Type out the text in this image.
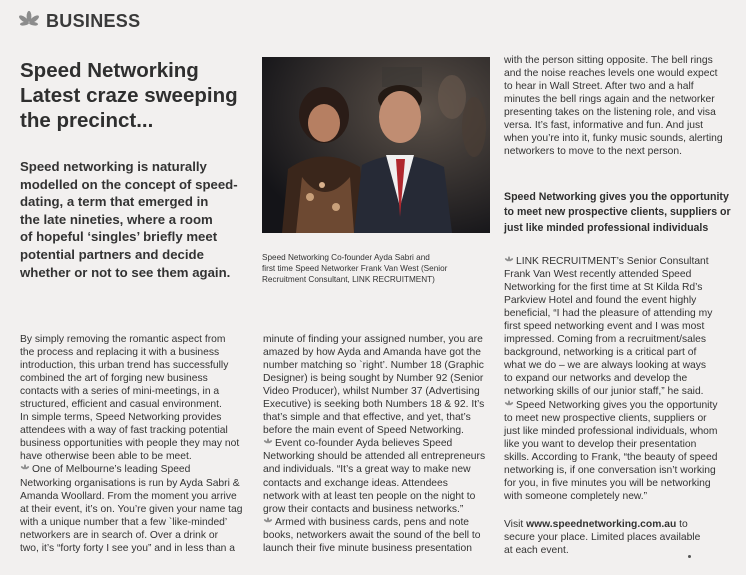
BUSINESS
Speed Networking
Latest craze sweeping
the precinct...
Speed networking is naturally
modelled on the concept of speed-
dating, a term that emerged in
the late nineties, where a room
of hopeful ‘singles’ briefly meet
potential partners and decide
whether or not to see them again.
Speed Networking Co-founder Ayda Sabri and
first time Speed Networker Frank Van West (Senior
Recruitment Consultant, LINK RECRUITMENT)
By simply removing the romantic aspect from
the process and replacing it with a business
introduction, this urban trend has successfully
combined the art of forging new business
contacts with a series of mini-meetings, in a
structured, efficient and casual environment.
In simple terms, Speed Networking provides
attendees with a way of fast tracking potential
business opportunities with people they may not
have otherwise been able to be meet.
One of Melbourne’s leading Speed
Networking organisations is run by Ayda Sabri &
Amanda Woollard. From the moment you arrive
at their event, it’s on. You’re given your name tag
with a unique number that a few `like-minded’
networkers are in search of. Over a drink or
two, it’s “forty forty I see you” and in less than a
minute of finding your assigned number, you are
amazed by how Ayda and Amanda have got the
number matching so `right’. Number 18 (Graphic
Designer) is being sought by Number 92 (Senior
Video Producer), whilst Number 37 (Advertising
Executive) is seeking both Numbers 18 & 92. It’s
that’s simple and that effective, and yet, that’s
before the main event of Speed Networking.
Event co-founder Ayda believes Speed
Networking should be attended all entrepreneurs
and individuals. “It’s a great way to make new
contacts and exchange ideas. Attendees
network with at least ten people on the night to
grow their contacts and business networks.”
Armed with business cards, pens and note
books, networkers await the sound of the bell to
launch their five minute business presentation
with the person sitting opposite. The bell rings
and the noise reaches levels one would expect
to hear in Wall Street. After two and a half
minutes the bell rings again and the networker
presenting takes on the listening role, and visa
versa. It’s fast, informative and fun. And just
when you’re into it, funky music sounds, alerting
networkers to move to the next person.
Speed Networking gives you the opportunity
to meet new prospective clients, suppliers or
just like minded professional individuals
LINK RECRUITMENT’s Senior Consultant
Frank Van West recently attended Speed
Networking for the first time at St Kilda Rd’s
Parkview Hotel and found the event highly
beneficial, “I had the pleasure of attending my
first speed networking event and I was most
impressed. Coming from a recruitment/sales
background, networking is a critical part of
what we do – we are always looking at ways
to expand our networks and develop the
networking skills of our junior staff,” he said.
Speed Networking gives you the opportunity
to meet new prospective clients, suppliers or
just like minded professional individuals, whom
like you want to develop their presentation
skills. According to Frank, “the beauty of speed
networking is, if one conversation isn’t working
for you, in five minutes you will be networking
with someone completely new.”
Visit www.speednetworking.com.au to
secure your place. Limited places available
at each event.
